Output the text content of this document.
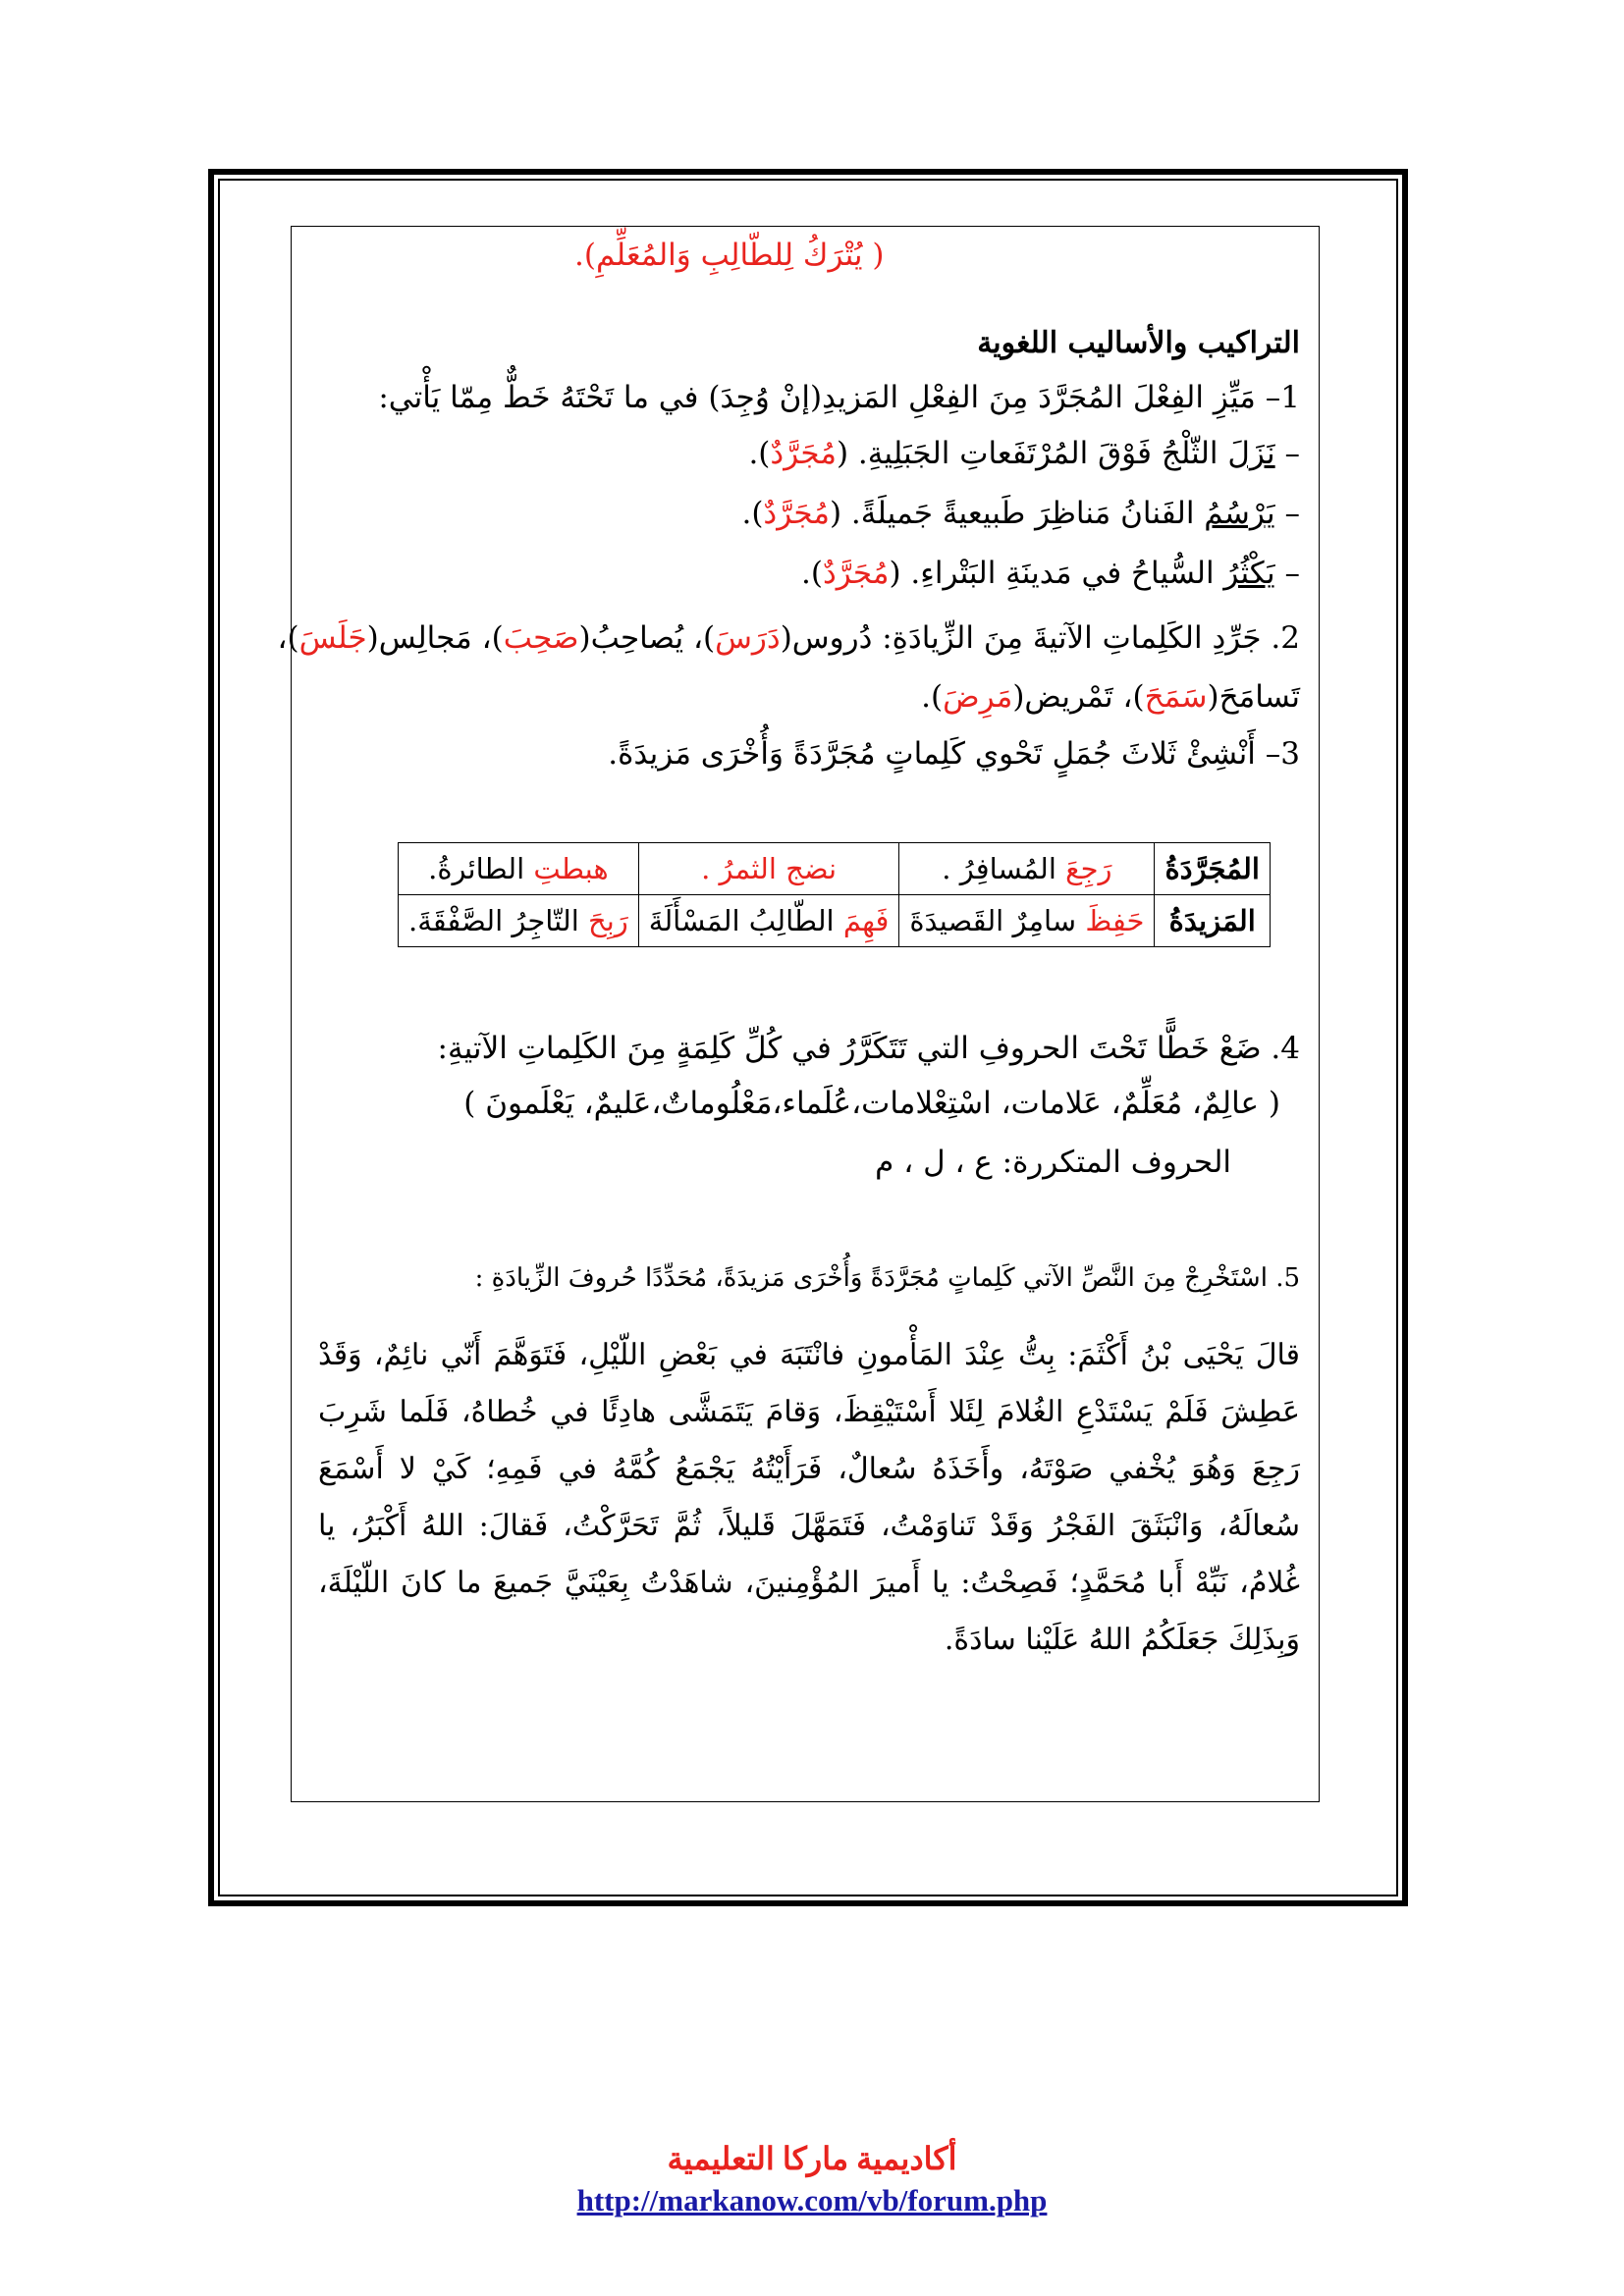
( يُتْرَكُ لِلطّالِبِ وَالمُعَلِّمِ).
التراكيب والأساليب اللغوية
1– مَيِّزِ الفِعْلَ المُجَرَّدَ مِنَ الفِعْلِ المَزيدِ(إنْ وُجِدَ) في ما تَحْتَهُ خَطٌّ مِمّا يَأْتي:
– نَزَلَ الثّلْجُ فَوْقَ المُرْتَفَعاتِ الجَبَلِيةِ. (مُجَرَّدٌ).
– يَرْسُمُ الفَنانُ مَناظِرَ طَبيعيةً جَميلَةً. (مُجَرَّدٌ).
– يَكْثُرُ السُّياحُ في مَدينَةِ البَتْراءِ. (مُجَرَّدٌ).
2. جَرِّدِ الكَلِماتِ الآتيةَ مِنَ الزِّيادَةِ: دُروس(دَرَسَ)، يُصاحِبُ(صَحِبَ)، مَجالِس(جَلَسَ)،
تَسامَحَ(سَمَحَ)، تَمْريض(مَرِضَ).
3– أَنْشِئْ ثَلاثَ جُمَلٍ تَحْوي كَلِماتٍ مُجَرَّدَةً وَأُخْرَى مَزيدَةً.
المُجَرَّدَةُ	رَجِعَ المُسافِرُ .	نضج الثمرُ .	هبطتِ الطائرةُ.
المَزيدَةُ	حَفِظَ سامِرٌ القَصيدَةَ	فَهِمَ الطّالِبُ المَسْأَلَةَ	رَبِحَ التّاجِرُ الصَّفْقَةَ.
4. ضَعْ خَطًّا تَحْتَ الحروفِ التي تَتَكَرَّرُ في كُلِّ كَلِمَةٍ مِنَ الكَلِماتِ الآتيةِ:
( عالِمٌ، مُعَلِّمٌ، عَلامات، اسْتِعْلامات،عُلَماء،مَعْلُوماتٌ،عَليمٌ، يَعْلَمونَ )
الحروف المتكررة: ع ، ل ، م
5. اسْتَخْرِجْ مِنَ النَّصِّ الآتي كَلِماتٍ مُجَرَّدَةً وَأُخْرَى مَزيدَةً، مُحَدِّدًا حُروفَ الزِّيادَةِ :
قالَ يَحْيَى بْنُ أَكْثَمَ: بِتُّ عِنْدَ المَأْمونِ فانْتَبَهَ في بَعْضِ اللّيْلِ، فَتَوَهَّمَ أَنّي نائِمٌ، وَقَدْ عَطِشَ فَلَمْ يَسْتَدْعِ الغُلامَ لِئَلا أَسْتَيْقِظَ، وَقامَ يَتَمَشَّى هادِئًا في خُطاهُ، فَلَما شَرِبَ رَجِعَ وَهُوَ يُخْفي صَوْتَهُ، وأَخَذَهُ سُعالٌ، فَرَأَيْتُهُ يَجْمَعُ كُمَّهُ في فَمِهِ؛ كَيْ لا أَسْمَعَ سُعالَهُ، وَانْبَثَقَ الفَجْرُ وَقَدْ تَناوَمْتُ، فَتَمَهَّلَ قَليلاً، ثُمَّ تَحَرَّكْتُ، فَقالَ: اللهُ أَكْبَرُ، يا غُلامُ، نَبِّهْ أَبا مُحَمَّدٍ؛ فَصِحْتُ: يا أَميرَ المُؤْمِنينَ، شاهَدْتُ بِعَيْنَيَّ جَميعَ ما كانَ اللّيْلَةَ، وَبِذَلِكَ جَعَلَكُمُ اللهُ عَلَيْنا سادَةً.
أكاديمية ماركا التعليمية
http://markanow.com/vb/forum.php
